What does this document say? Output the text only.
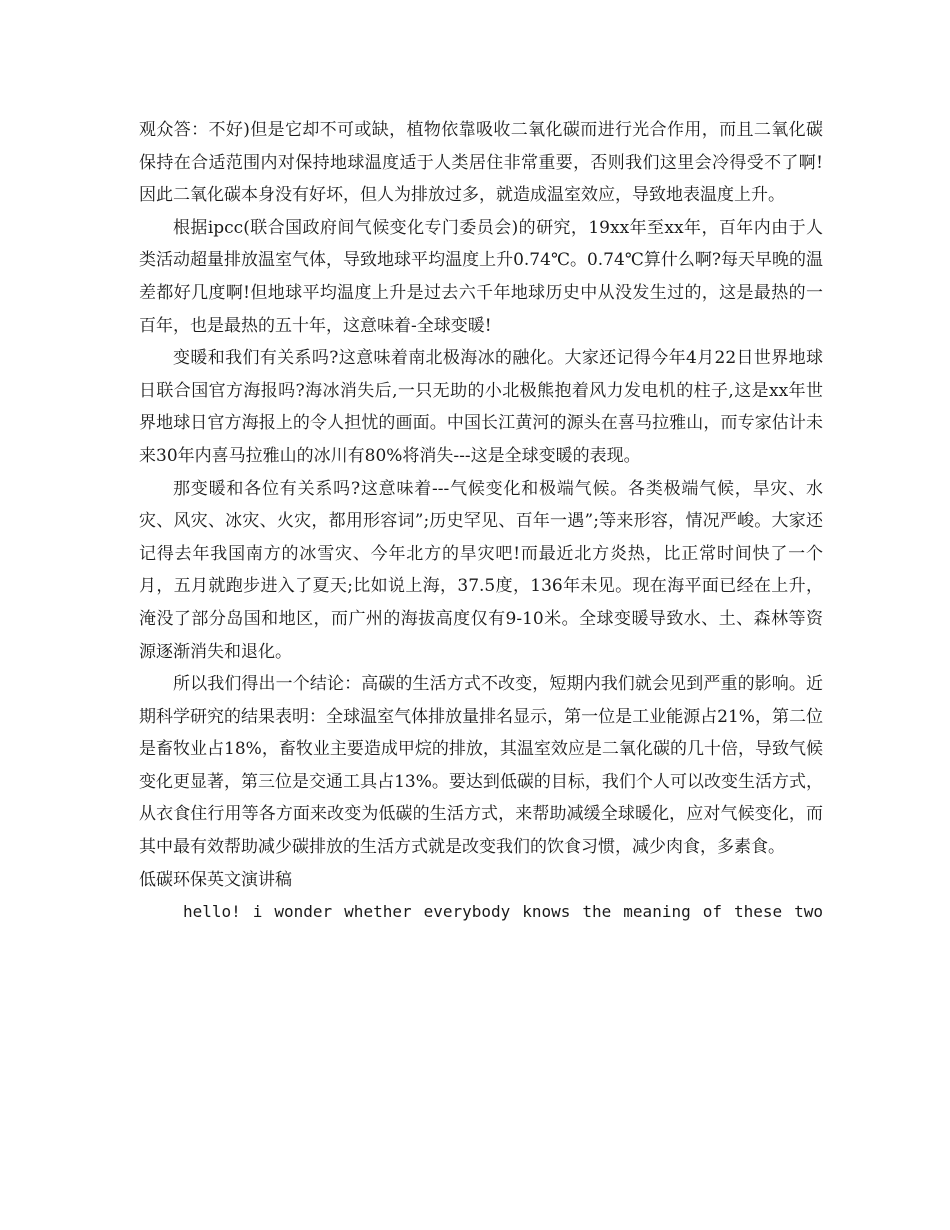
观众答：不好)但是它却不可或缺，植物依靠吸收二氧化碳而进行光合作用，而且二氧化碳保持在合适范围内对保持地球温度适于人类居住非常重要，否则我们这里会冷得受不了啊!因此二氧化碳本身没有好坏，但人为排放过多，就造成温室效应，导致地表温度上升。

根据ipcc(联合国政府间气候变化专门委员会)的研究，19xx年至xx年，百年内由于人类活动超量排放温室气体，导致地球平均温度上升0.74℃。0.74℃算什么啊?每天早晚的温差都好几度啊!但地球平均温度上升是过去六千年地球历史中从没发生过的，这是最热的一百年，也是最热的五十年，这意味着-全球变暖!

变暖和我们有关系吗?这意味着南北极海冰的融化。大家还记得今年4月22日世界地球日联合国官方海报吗?海冰消失后,一只无助的小北极熊抱着风力发电机的柱子,这是xx年世界地球日官方海报上的令人担忧的画面。中国长江黄河的源头在喜马拉雅山，而专家估计未来30年内喜马拉雅山的冰川有80%将消失---这是全球变暖的表现。

那变暖和各位有关系吗?这意味着---气候变化和极端气候。各类极端气候，旱灾、水灾、风灾、冰灾、火灾，都用形容词”;历史罕见、百年一遇”;等来形容，情况严峻。大家还记得去年我国南方的冰雪灾、今年北方的旱灾吧!而最近北方炎热，比正常时间快了一个月，五月就跑步进入了夏天;比如说上海，37.5度，136年未见。现在海平面已经在上升，淹没了部分岛国和地区，而广州的海拔高度仅有9-10米。全球变暖导致水、土、森林等资源逐渐消失和退化。

所以我们得出一个结论：高碳的生活方式不改变，短期内我们就会见到严重的影响。近期科学研究的结果表明：全球温室气体排放量排名显示，第一位是工业能源占21%，第二位是畜牧业占18%，畜牧业主要造成甲烷的排放，其温室效应是二氧化碳的几十倍，导致气候变化更显著，第三位是交通工具占13%。要达到低碳的目标，我们个人可以改变生活方式，从衣食住行用等各方面来改变为低碳的生活方式，来帮助减缓全球暖化，应对气候变化，而其中最有效帮助减少碳排放的生活方式就是改变我们的饮食习惯，减少肉食，多素食。

低碳环保英文演讲稿

hello! i wonder whether everybody knows the meaning of these two
